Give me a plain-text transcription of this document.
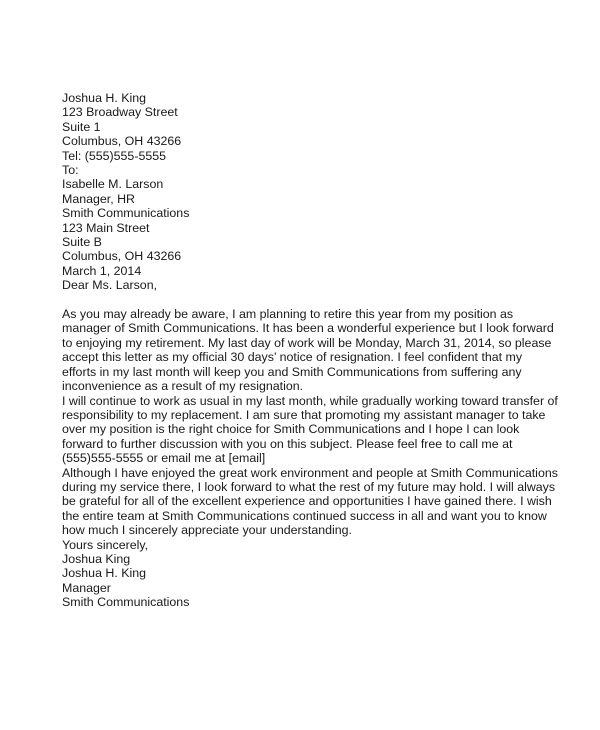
Joshua H. King
123 Broadway Street
Suite 1
Columbus, OH 43266
Tel: (555)555-5555
To:
Isabelle M. Larson
Manager, HR
Smith Communications
123 Main Street
Suite B
Columbus, OH 43266
March 1, 2014
Dear Ms. Larson,
As you may already be aware, I am planning to retire this year from my position as
manager of Smith Communications. It has been a wonderful experience but I look forward
to enjoying my retirement. My last day of work will be Monday, March 31, 2014, so please
accept this letter as my official 30 days’ notice of resignation. I feel confident that my
efforts in my last month will keep you and Smith Communications from suffering any
inconvenience as a result of my resignation.
I will continue to work as usual in my last month, while gradually working toward transfer of
responsibility to my replacement. I am sure that promoting my assistant manager to take
over my position is the right choice for Smith Communications and I hope I can look
forward to further discussion with you on this subject. Please feel free to call me at
(555)555-5555 or email me at [email]
Although I have enjoyed the great work environment and people at Smith Communications
during my service there, I look forward to what the rest of my future may hold. I will always
be grateful for all of the excellent experience and opportunities I have gained there. I wish
the entire team at Smith Communications continued success in all and want you to know
how much I sincerely appreciate your understanding.
Yours sincerely,
Joshua King
Joshua H. King
Manager
Smith Communications
